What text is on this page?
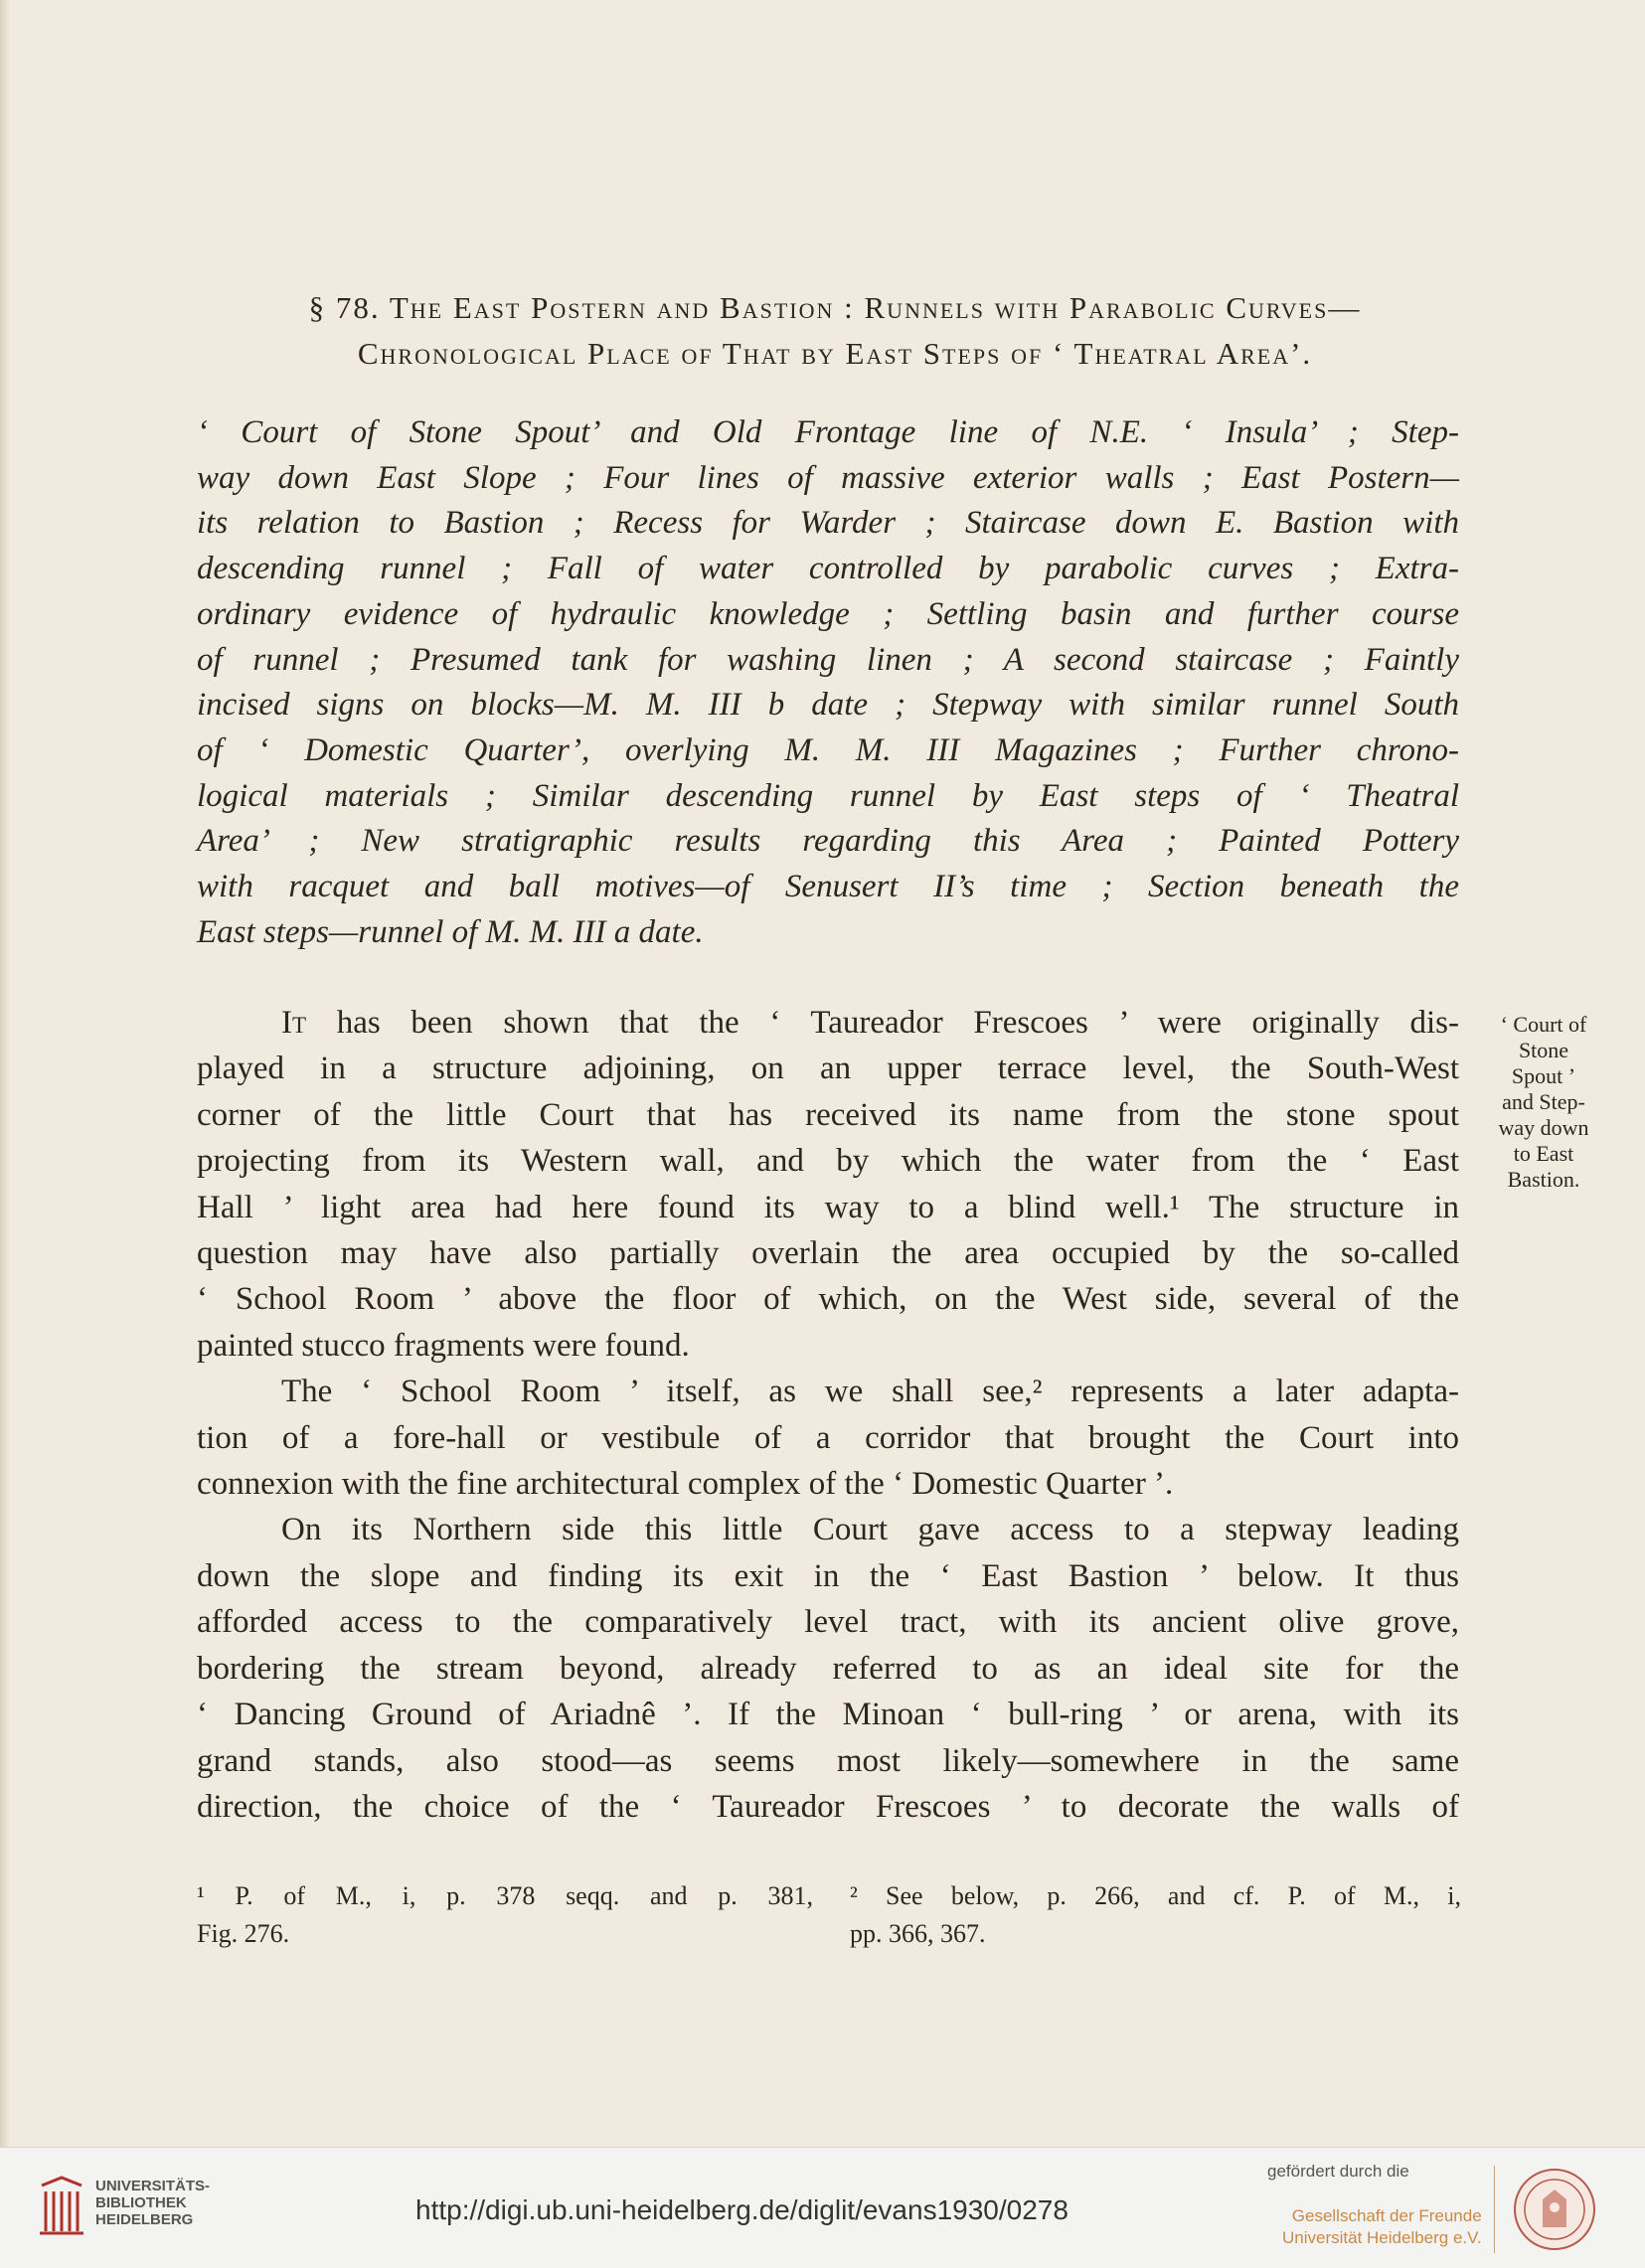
§ 78. The East Postern and Bastion : Runnels with Parabolic Curves—
Chronological Place of That by East Steps of ‘ Theatral Area’.
‘ Court of Stone Spout’ and Old Frontage line of N.E. ‘ Insula’ ; Step-
way down East Slope ; Four lines of massive exterior walls ; East Postern—
its relation to Bastion ; Recess for Warder ; Staircase down E. Bastion with
descending runnel ; Fall of water controlled by parabolic curves ; Extra-
ordinary evidence of hydraulic knowledge ; Settling basin and further course
of runnel ; Presumed tank for washing linen ; A second staircase ; Faintly
incised signs on blocks—M. M. III b date ; Stepway with similar runnel South
of ‘ Domestic Quarter’, overlying M. M. III Magazines ; Further chrono-
logical materials ; Similar descending runnel by East steps of ‘ Theatral
Area’ ; New stratigraphic results regarding this Area ; Painted Pottery
with racquet and ball motives—of Senusert II’s time ; Section beneath the
East steps—runnel of M. M. III a date.
It has been shown that the ‘ Taureador Frescoes ’ were originally dis-
played in a structure adjoining, on an upper terrace level, the South-West
corner of the little Court that has received its name from the stone spout
projecting from its Western wall, and by which the water from the ‘ East
Hall ’ light area had here found its way to a blind well.¹ The structure in
question may have also partially overlain the area occupied by the so-called
‘ School Room ’ above the floor of which, on the West side, several of the
painted stucco fragments were found.
The ‘ School Room ’ itself, as we shall see,² represents a later adapta-
tion of a fore-hall or vestibule of a corridor that brought the Court into
connexion with the fine architectural complex of the ‘ Domestic Quarter ’.
On its Northern side this little Court gave access to a stepway leading
down the slope and finding its exit in the ‘ East Bastion ’ below. It thus
afforded access to the comparatively level tract, with its ancient olive grove,
bordering the stream beyond, already referred to as an ideal site for the
‘ Dancing Ground of Ariadnê ’. If the Minoan ‘ bull-ring ’ or arena, with its
grand stands, also stood—as seems most likely—somewhere in the same
direction, the choice of the ‘ Taureador Frescoes ’ to decorate the walls of
‘ Court of
Stone
Spout ’
and Step-
way down
to East
Bastion.
¹ P. of M., i, p. 378 seqq. and p. 381,
Fig. 276.
² See below, p. 266, and cf. P. of M., i,
pp. 366, 367.
UNIVERSITÄTS-
BIBLIOTHEK
HEIDELBERG	http://digi.ub.uni-heidelberg.de/diglit/evans1930/0278
gefördert durch die
Gesellschaft der Freunde
Universität Heidelberg e.V.
